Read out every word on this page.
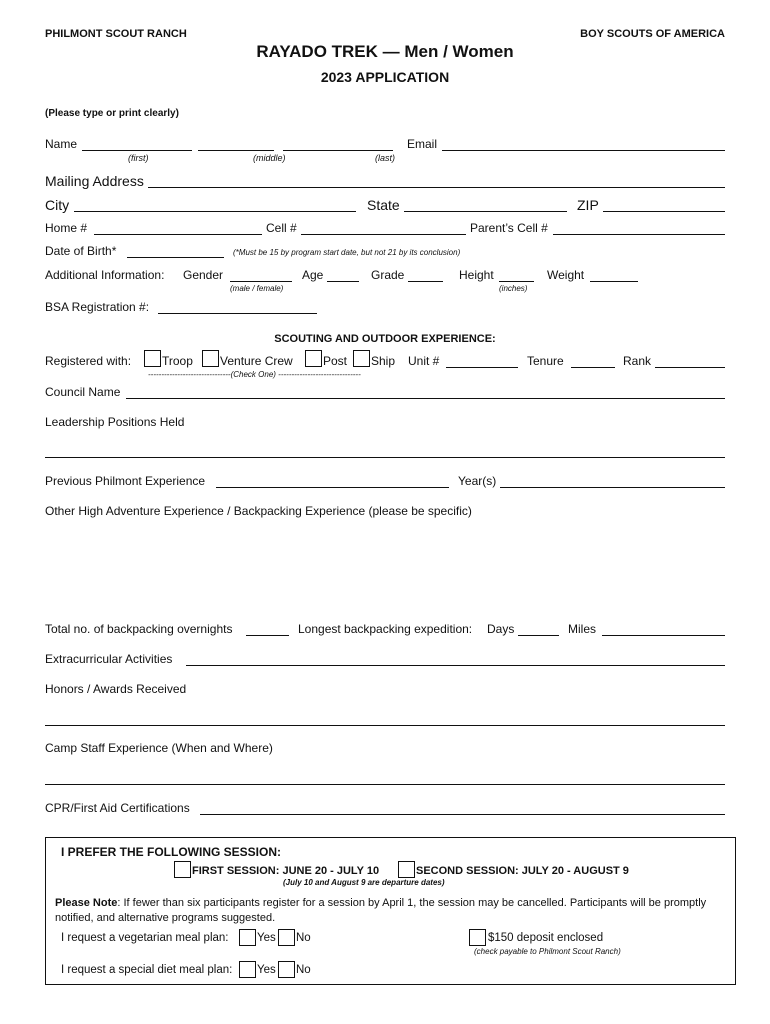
PHILMONT SCOUT RANCH	BOY SCOUTS OF AMERICA
RAYADO TREK — Men / Women
2023 APPLICATION
(Please type or print clearly)
Name
(first)	(middle)	(last)
Email
Mailing Address
City	State	ZIP
Home #	Cell #	Parent’s Cell #
Date of Birth*	(*Must be 15 by program start date, but not 21 by its conclusion)
Additional Information: Gender
(male / female)
Age	Grade	Height
(inches)
Weight
BSA Registration #:
SCOUTING AND OUTDOOR EXPERIENCE:
Registered with:	Troop Venture Crew	Post Ship Unit #	Tenure	Rank
-------------------------------(Check One) -------------------------------
Council Name
Leadership Positions Held
Previous Philmont Experience	Year(s)
Other High Adventure Experience / Backpacking Experience (please be specific)
Total no. of backpacking overnights	Longest backpacking expedition: Days	Miles
Extracurricular Activities
Honors / Awards Received
Camp Staff Experience (When and Where)
CPR/First Aid Certifications
I PREFER THE FOLLOWING SESSION:
FIRST SESSION: JUNE 20 - JULY 10	SECOND SESSION: JULY 20 - AUGUST 9
(July 10 and August 9 are departure dates)
Please Note: If fewer than six participants register for a session by April 1, the session may be cancelled. Participants will be promptly notified, and alternative programs suggested.
I request a vegetarian meal plan: Yes No	$150 deposit enclosed
(check payable to Philmont Scout Ranch)
I request a special diet meal plan: Yes No
